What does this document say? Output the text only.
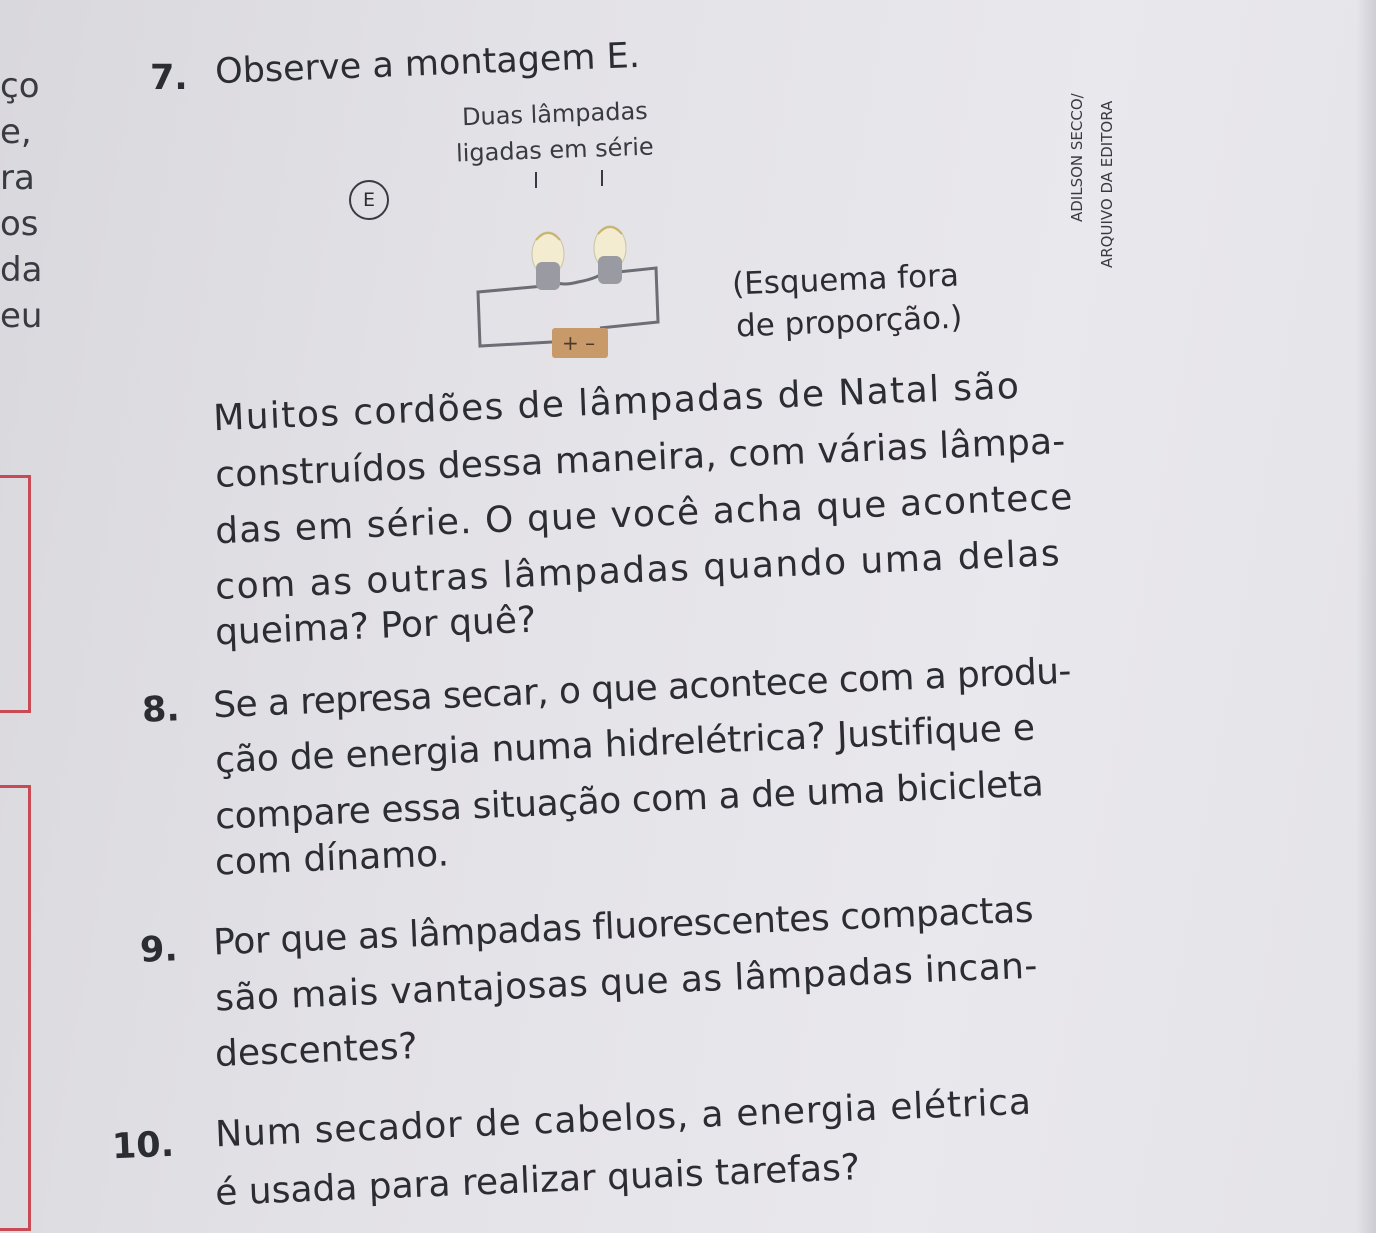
ço
e,
ra
os
da
eu
7. Observe a montagem E.
E
Duas lâmpadas
ligadas em série
+ –
(Esquema fora
de proporção.)
ADILSON SECCO/ ARQUIVO DA EDITORA
Muitos cordões de lâmpadas de Natal são
construídos dessa maneira, com várias lâmpa-
das em série. O que você acha que acontece
com as outras lâmpadas quando uma delas
queima? Por quê?
8. Se a represa secar, o que acontece com a produ-
ção de energia numa hidrelétrica? Justifique e
compare essa situação com a de uma bicicleta
com dínamo.
9. Por que as lâmpadas fluorescentes compactas
são mais vantajosas que as lâmpadas incan-
descentes?
10. Num secador de cabelos, a energia elétrica
é usada para realizar quais tarefas?
